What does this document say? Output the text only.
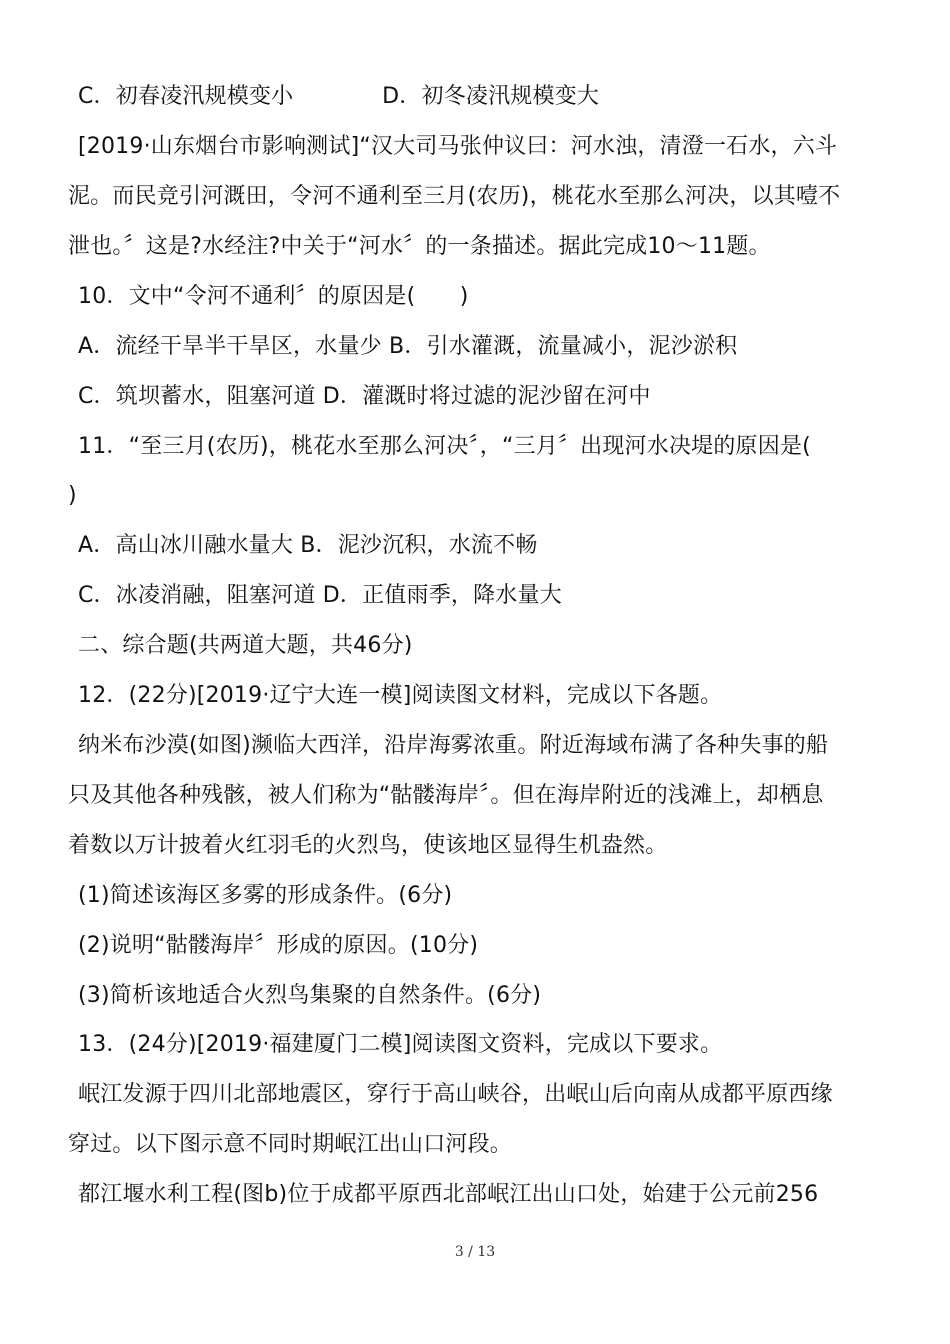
C．初春凌汛规模变小　　　　D．初冬凌汛规模变大
[2019·山东烟台市影响测试]“汉大司马张仲议曰：河水浊，清澄一石水，六斗
泥。而民竞引河溉田，令河不通利至三月(农历)，桃花水至那么河决，以其噎不
泄也。〞这是?水经注?中关于“河水〞的一条描述。据此完成10～11题。
10．文中“令河不通利〞的原因是(　　)
A．流经干旱半干旱区，水量少 B．引水灌溉，流量减小，泥沙淤积
C．筑坝蓄水，阻塞河道 D．灌溉时将过滤的泥沙留在河中
11．“至三月(农历)，桃花水至那么河决〞，“三月〞出现河水决堤的原因是(
)
A．高山冰川融水量大 B．泥沙沉积，水流不畅
C．冰凌消融，阻塞河道 D．正值雨季，降水量大
二、综合题(共两道大题，共46分)
12．(22分)[2019·辽宁大连一模]阅读图文材料，完成以下各题。
纳米布沙漠(如图)濒临大西洋，沿岸海雾浓重。附近海域布满了各种失事的船
只及其他各种残骸，被人们称为“骷髅海岸〞。但在海岸附近的浅滩上，却栖息
着数以万计披着火红羽毛的火烈鸟，使该地区显得生机盎然。
(1)简述该海区多雾的形成条件。(6分)
(2)说明“骷髅海岸〞形成的原因。(10分)
(3)简析该地适合火烈鸟集聚的自然条件。(6分)
13．(24分)[2019·福建厦门二模]阅读图文资料，完成以下要求。
岷江发源于四川北部地震区，穿行于高山峡谷，出岷山后向南从成都平原西缘
穿过。以下图示意不同时期岷江出山口河段。
都江堰水利工程(图b)位于成都平原西北部岷江出山口处，始建于公元前256
3 / 13
